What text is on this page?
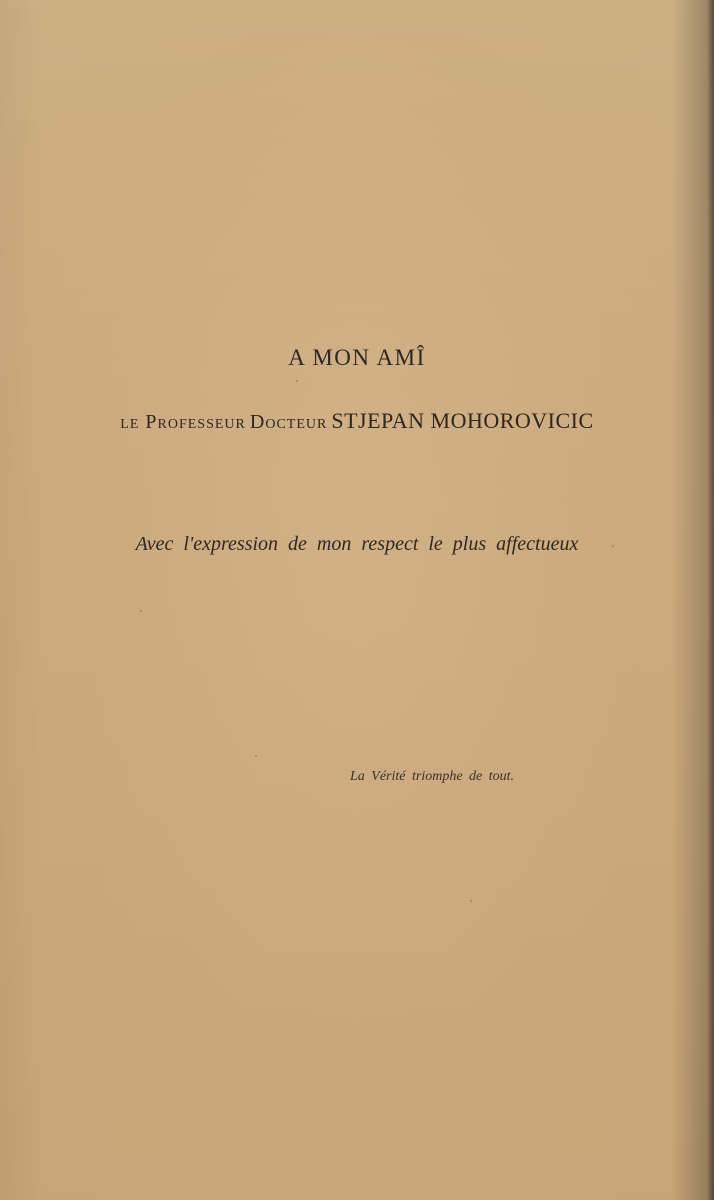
A MON AMÎ
le Professeur Docteur STJEPAN MOHOROVICIC
Avec l'expression de mon respect le plus affectueux
La Vérité triomphe de tout.
